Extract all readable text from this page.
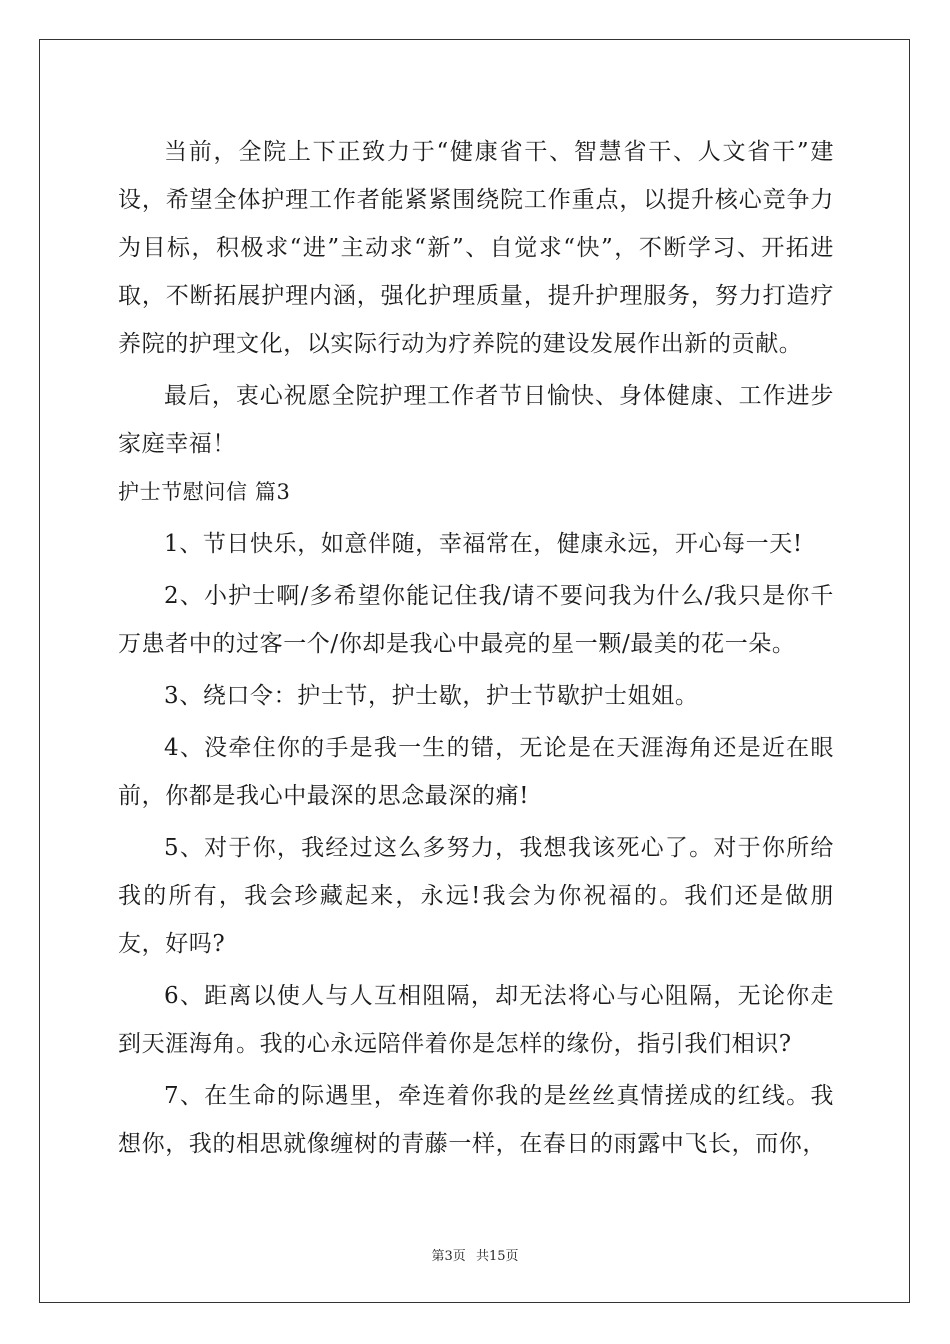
当前，全院上下正致力于“健康省干、智慧省干、人文省干”建设，希望全体护理工作者能紧紧围绕院工作重点，以提升核心竞争力为目标，积极求“进”主动求“新”、自觉求“快”，不断学习、开拓进取，不断拓展护理内涵，强化护理质量，提升护理服务，努力打造疗养院的护理文化，以实际行动为疗养院的建设发展作出新的贡献。

最后，衷心祝愿全院护理工作者节日愉快、身体健康、工作进步家庭幸福！

护士节慰问信 篇3

1、节日快乐，如意伴随，幸福常在，健康永远，开心每一天!

2、小护士啊/多希望你能记住我/请不要问我为什么/我只是你千万患者中的过客一个/你却是我心中最亮的星一颗/最美的花一朵。

3、绕口令：护士节，护士歇，护士节歇护士姐姐。

4、没牵住你的手是我一生的错，无论是在天涯海角还是近在眼前，你都是我心中最深的思念最深的痛!

5、对于你，我经过这么多努力，我想我该死心了。对于你所给我的所有，我会珍藏起来，永远!我会为你祝福的。我们还是做朋友，好吗?

6、距离以使人与人互相阻隔，却无法将心与心阻隔，无论你走到天涯海角。我的心永远陪伴着你是怎样的缘份，指引我们相识?

7、在生命的际遇里，牵连着你我的是丝丝真情搓成的红线。我想你，我的相思就像缠树的青藤一样，在春日的雨露中飞长，而你，

第3页 共15页
